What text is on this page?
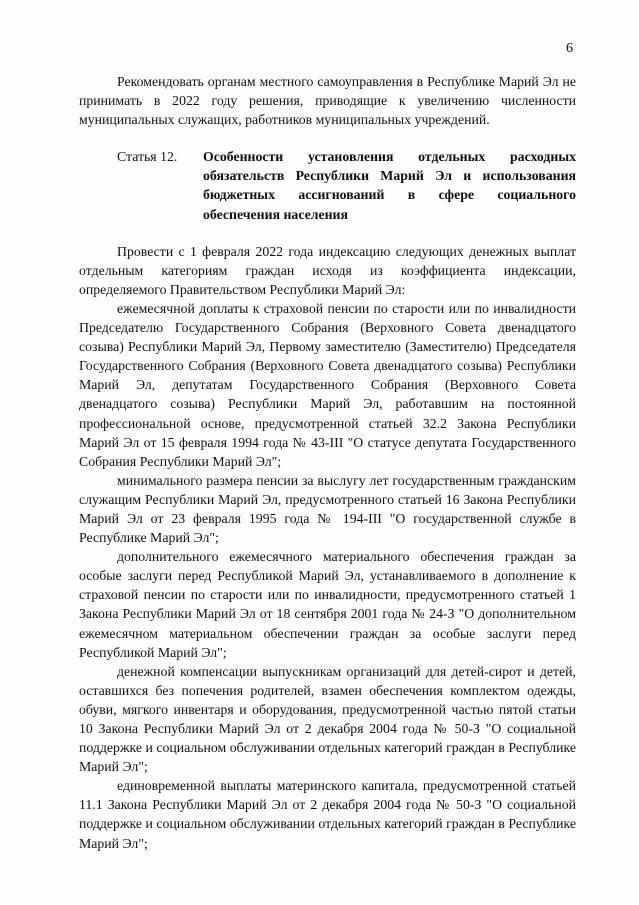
6

Рекомендовать органам местного самоуправления в Республике Марий Эл не принимать в 2022 году решения, приводящие к увеличению численности муниципальных служащих, работников муниципальных учреждений.

Статья 12.	Особенности установления отдельных расходных обязательств Республики Марий Эл и использования бюджетных ассигнований в сфере социального обеспечения населения

Провести с 1 февраля 2022 года индексацию следующих денежных выплат отдельным категориям граждан исходя из коэффициента индексации, определяемого Правительством Республики Марий Эл:

ежемесячной доплаты к страховой пенсии по старости или по инвалидности Председателю Государственного Собрания (Верховного Совета двенадцатого созыва) Республики Марий Эл, Первому заместителю (Заместителю) Председателя Государственного Собрания (Верховного Совета двенадцатого созыва) Республики Марий Эл, депутатам Государственного Собрания (Верховного Совета двенадцатого созыва) Республики Марий Эл, работавшим на постоянной профессиональной основе, предусмотренной статьей 32.2 Закона Республики Марий Эл от 15 февраля 1994 года № 43-III "О статусе депутата Государственного Собрания Республики Марий Эл";

минимального размера пенсии за выслугу лет государственным гражданским служащим Республики Марий Эл, предусмотренного статьей 16 Закона Республики Марий Эл от 23 февраля 1995 года № 194-III "О государственной службе в Республике Марий Эл";

дополнительного ежемесячного материального обеспечения граждан за особые заслуги перед Республикой Марий Эл, устанавливаемого в дополнение к страховой пенсии по старости или по инвалидности, предусмотренного статьей 1 Закона Республики Марий Эл от 18 сентября 2001 года № 24-З "О дополнительном ежемесячном материальном обеспечении граждан за особые заслуги перед Республикой Марий Эл";

денежной компенсации выпускникам организаций для детей-сирот и детей, оставшихся без попечения родителей, взамен обеспечения комплектом одежды, обуви, мягкого инвентаря и оборудования, предусмотренной частью пятой статьи 10 Закона Республики Марий Эл от 2 декабря 2004 года № 50-З "О социальной поддержке и социальном обслуживании отдельных категорий граждан в Республике Марий Эл";

единовременной выплаты материнского капитала, предусмотренной статьей 11.1 Закона Республики Марий Эл от 2 декабря 2004 года № 50-З "О социальной поддержке и социальном обслуживании отдельных категорий граждан в Республике Марий Эл";
